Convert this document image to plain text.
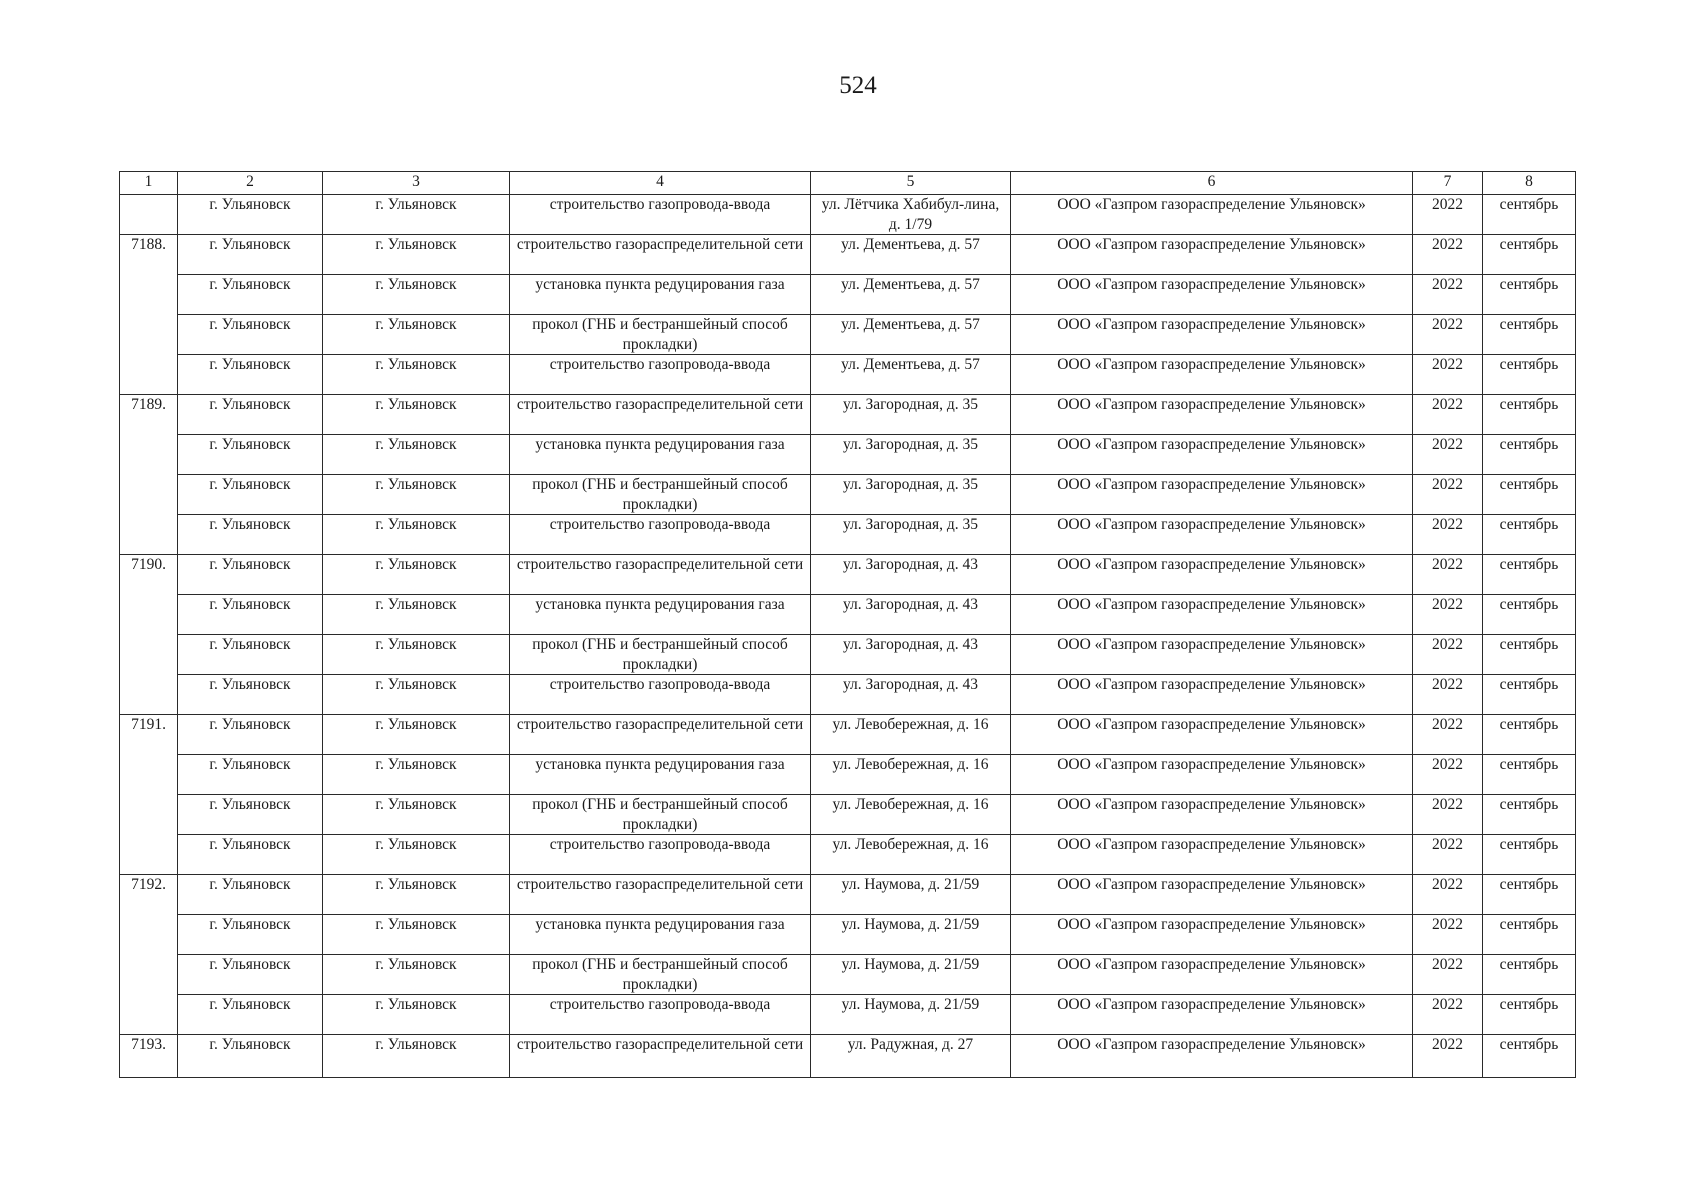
524
1	2	3	4	5	6	7	8
	г. Ульяновск	г. Ульяновск	строительство газопровода-ввода	ул. Лётчика Хабибул-лина, д. 1/79	ООО «Газпром газораспределение Ульяновск»	2022	сентябрь
7188.	г. Ульяновск	г. Ульяновск	строительство газораспределительной сети	ул. Дементьева, д. 57	ООО «Газпром газораспределение Ульяновск»	2022	сентябрь
	г. Ульяновск	г. Ульяновск	установка пункта редуцирования газа	ул. Дементьева, д. 57	ООО «Газпром газораспределение Ульяновск»	2022	сентябрь
	г. Ульяновск	г. Ульяновск	прокол (ГНБ и бестраншейный способ прокладки)	ул. Дементьева, д. 57	ООО «Газпром газораспределение Ульяновск»	2022	сентябрь
	г. Ульяновск	г. Ульяновск	строительство газопровода-ввода	ул. Дементьева, д. 57	ООО «Газпром газораспределение Ульяновск»	2022	сентябрь
7189.	г. Ульяновск	г. Ульяновск	строительство газораспределительной сети	ул. Загородная, д. 35	ООО «Газпром газораспределение Ульяновск»	2022	сентябрь
	г. Ульяновск	г. Ульяновск	установка пункта редуцирования газа	ул. Загородная, д. 35	ООО «Газпром газораспределение Ульяновск»	2022	сентябрь
	г. Ульяновск	г. Ульяновск	прокол (ГНБ и бестраншейный способ прокладки)	ул. Загородная, д. 35	ООО «Газпром газораспределение Ульяновск»	2022	сентябрь
	г. Ульяновск	г. Ульяновск	строительство газопровода-ввода	ул. Загородная, д. 35	ООО «Газпром газораспределение Ульяновск»	2022	сентябрь
7190.	г. Ульяновск	г. Ульяновск	строительство газораспределительной сети	ул. Загородная, д. 43	ООО «Газпром газораспределение Ульяновск»	2022	сентябрь
	г. Ульяновск	г. Ульяновск	установка пункта редуцирования газа	ул. Загородная, д. 43	ООО «Газпром газораспределение Ульяновск»	2022	сентябрь
	г. Ульяновск	г. Ульяновск	прокол (ГНБ и бестраншейный способ прокладки)	ул. Загородная, д. 43	ООО «Газпром газораспределение Ульяновск»	2022	сентябрь
	г. Ульяновск	г. Ульяновск	строительство газопровода-ввода	ул. Загородная, д. 43	ООО «Газпром газораспределение Ульяновск»	2022	сентябрь
7191.	г. Ульяновск	г. Ульяновск	строительство газораспределительной сети	ул. Левобережная, д. 16	ООО «Газпром газораспределение Ульяновск»	2022	сентябрь
	г. Ульяновск	г. Ульяновск	установка пункта редуцирования газа	ул. Левобережная, д. 16	ООО «Газпром газораспределение Ульяновск»	2022	сентябрь
	г. Ульяновск	г. Ульяновск	прокол (ГНБ и бестраншейный способ прокладки)	ул. Левобережная, д. 16	ООО «Газпром газораспределение Ульяновск»	2022	сентябрь
	г. Ульяновск	г. Ульяновск	строительство газопровода-ввода	ул. Левобережная, д. 16	ООО «Газпром газораспределение Ульяновск»	2022	сентябрь
7192.	г. Ульяновск	г. Ульяновск	строительство газораспределительной сети	ул. Наумова, д. 21/59	ООО «Газпром газораспределение Ульяновск»	2022	сентябрь
	г. Ульяновск	г. Ульяновск	установка пункта редуцирования газа	ул. Наумова, д. 21/59	ООО «Газпром газораспределение Ульяновск»	2022	сентябрь
	г. Ульяновск	г. Ульяновск	прокол (ГНБ и бестраншейный способ прокладки)	ул. Наумова, д. 21/59	ООО «Газпром газораспределение Ульяновск»	2022	сентябрь
	г. Ульяновск	г. Ульяновск	строительство газопровода-ввода	ул. Наумова, д. 21/59	ООО «Газпром газораспределение Ульяновск»	2022	сентябрь
7193.	г. Ульяновск	г. Ульяновск	строительство газораспределительной сети	ул. Радужная, д. 27	ООО «Газпром газораспределение Ульяновск»	2022	сентябрь
